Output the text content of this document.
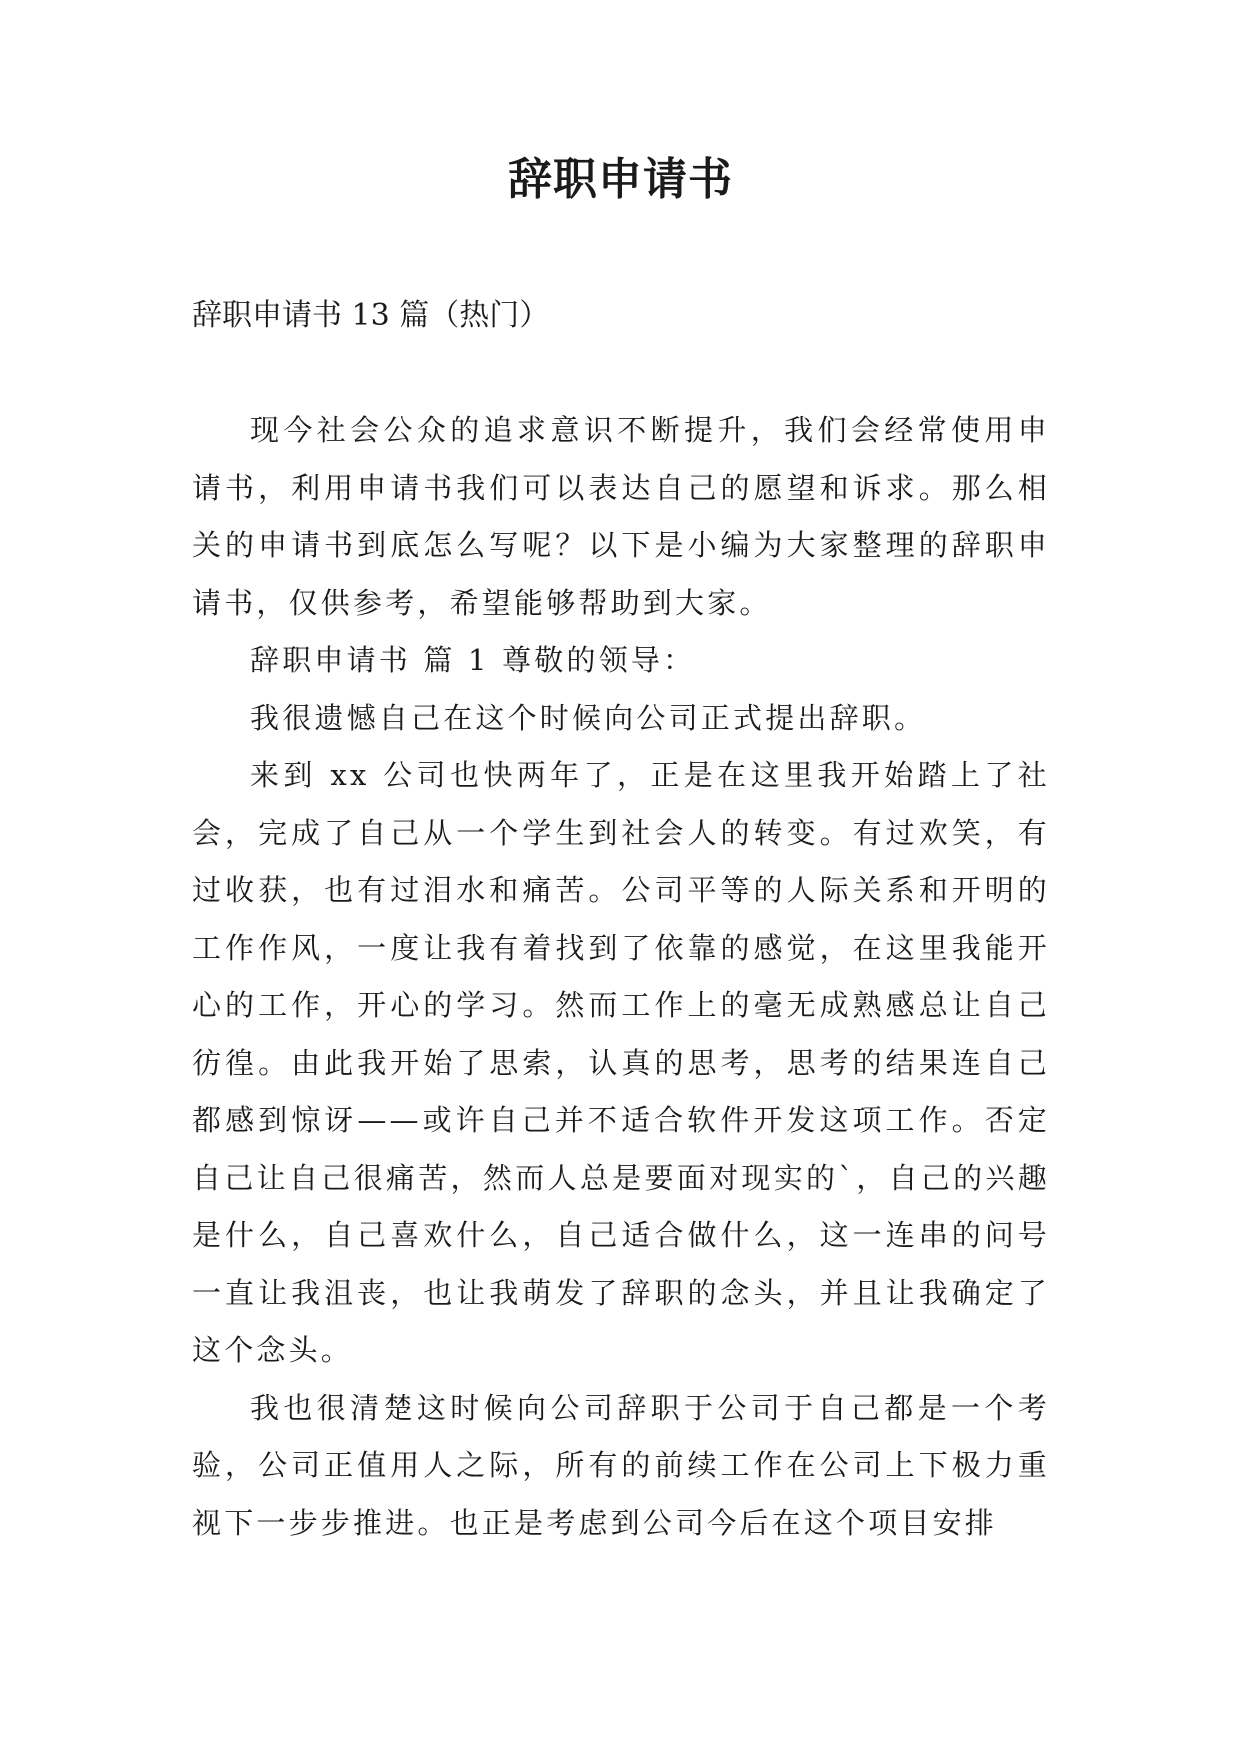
辞职申请书
辞职申请书 13 篇（热门）

现今社会公众的追求意识不断提升，我们会经常使用申请书，利用申请书我们可以表达自己的愿望和诉求。那么相关的申请书到底怎么写呢？以下是小编为大家整理的辞职申请书，仅供参考，希望能够帮助到大家。

辞职申请书 篇 1 尊敬的领导：

我很遗憾自己在这个时候向公司正式提出辞职。

来到 xx 公司也快两年了，正是在这里我开始踏上了社会，完成了自己从一个学生到社会人的转变。有过欢笑，有过收获，也有过泪水和痛苦。公司平等的人际关系和开明的工作作风，一度让我有着找到了依靠的感觉，在这里我能开心的工作，开心的学习。然而工作上的毫无成熟感总让自己彷徨。由此我开始了思索，认真的思考，思考的结果连自己都感到惊讶——或许自己并不适合软件开发这项工作。否定自己让自己很痛苦，然而人总是要面对现实的`，自己的兴趣是什么，自己喜欢什么，自己适合做什么，这一连串的问号一直让我沮丧，也让我萌发了辞职的念头，并且让我确定了这个念头。

我也很清楚这时候向公司辞职于公司于自己都是一个考验，公司正值用人之际，所有的前续工作在公司上下极力重视下一步步推进。也正是考虑到公司今后在这个项目安排
